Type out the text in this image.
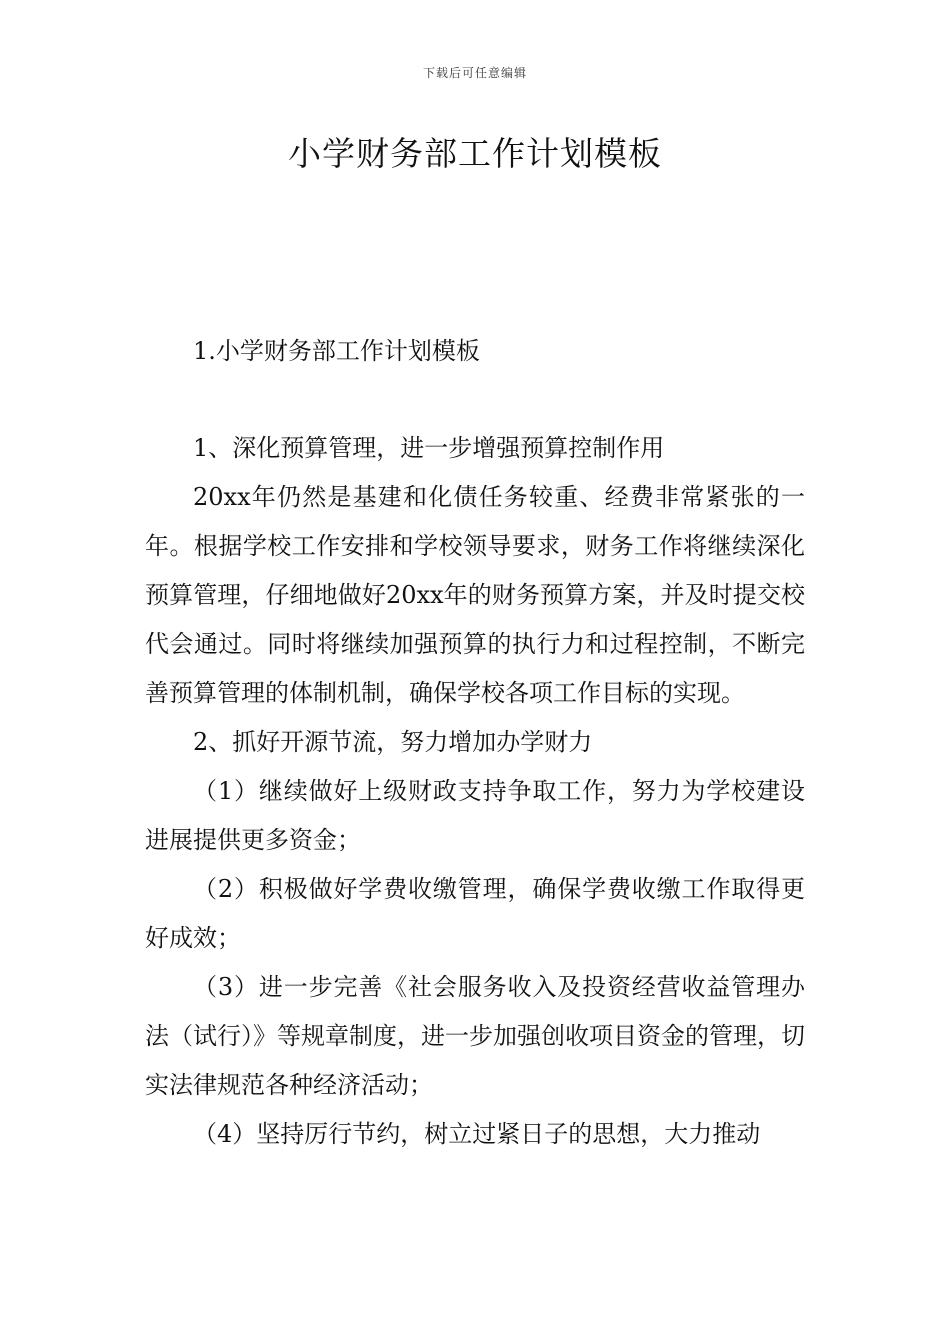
下载后可任意编辑
小学财务部工作计划模板

1.小学财务部工作计划模板

1、深化预算管理，进一步增强预算控制作用

20xx年仍然是基建和化债任务较重、经费非常紧张的一年。根据学校工作安排和学校领导要求，财务工作将继续深化预算管理，仔细地做好20xx年的财务预算方案，并及时提交校代会通过。同时将继续加强预算的执行力和过程控制，不断完善预算管理的体制机制，确保学校各项工作目标的实现。

2、抓好开源节流，努力增加办学财力

（1）继续做好上级财政支持争取工作，努力为学校建设进展提供更多资金；

（2）积极做好学费收缴管理，确保学费收缴工作取得更好成效；

（3）进一步完善《社会服务收入及投资经营收益管理办法（试行）》等规章制度，进一步加强创收项目资金的管理，切实法律规范各种经济活动；

（4）坚持厉行节约，树立过紧日子的思想，大力推动
